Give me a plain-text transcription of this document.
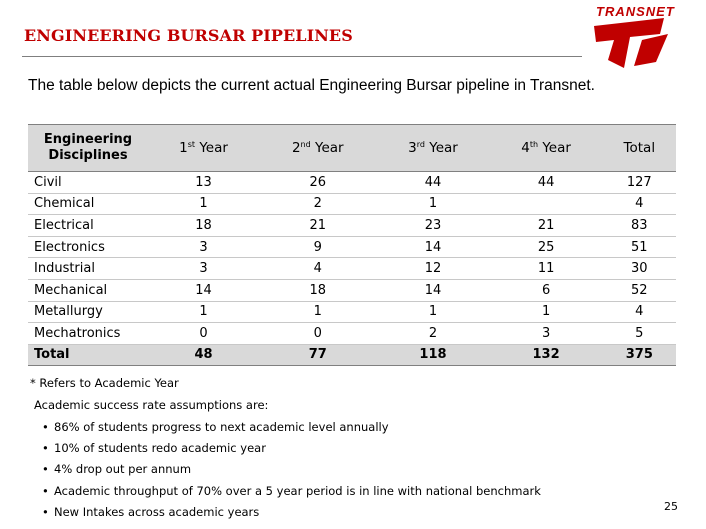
ENGINEERING BURSAR PIPELINES
TRANSNET
The table below depicts the current actual Engineering Bursar pipeline in Transnet.
Engineering Disciplines	1st Year	2nd Year	3rd Year	4th Year	Total
Civil	13	26	44	44	127
Chemical	1	2	1		4
Electrical	18	21	23	21	83
Electronics	3	9	14	25	51
Industrial	3	4	12	11	30
Mechanical	14	18	14	6	52
Metallurgy	1	1	1	1	4
Mechatronics	0	0	2	3	5
Total	48	77	118	132	375
* Refers to Academic Year
Academic success rate assumptions are:
• 86% of students progress to next academic level annually
• 10% of students redo academic year
• 4% drop out per annum
• Academic throughput of 70% over a 5 year period is in line with national benchmark
• New Intakes across academic years	25
